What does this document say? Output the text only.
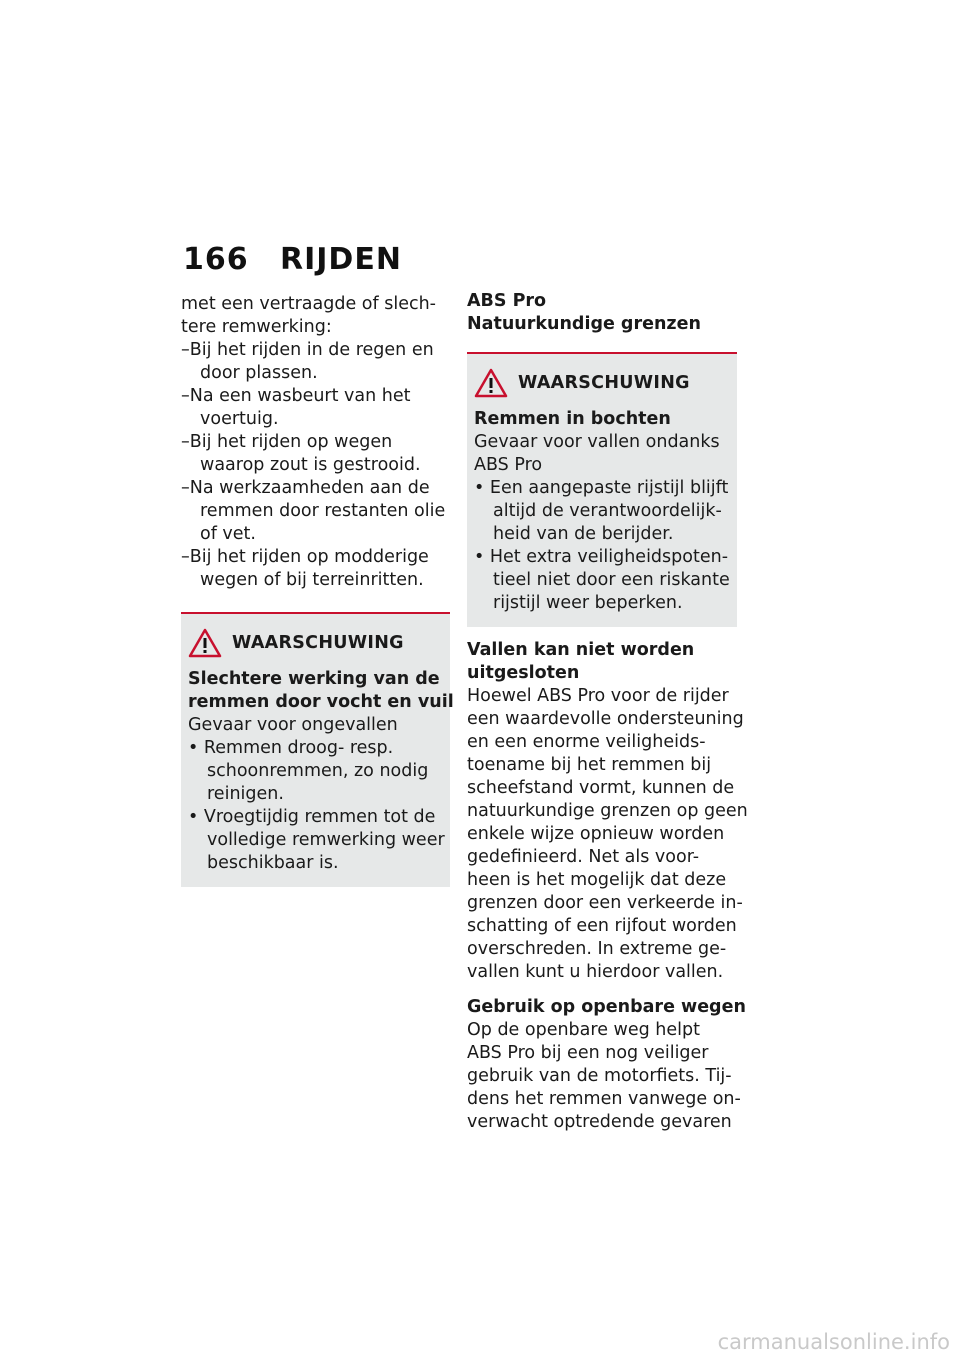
166 RIJDEN
met een vertraagde of slech-
tere remwerking:
–Bij het rijden in de regen en
door plassen.
–Na een wasbeurt van het
voertuig.
–Bij het rijden op wegen
waarop zout is gestrooid.
–Na werkzaamheden aan de
remmen door restanten olie
of vet.
–Bij het rijden op modderige
wegen of bij terreinritten.
WAARSCHUWING
Slechtere werking van de
remmen door vocht en vuil
Gevaar voor ongevallen
• Remmen droog- resp.
schoonremmen, zo nodig
reinigen.
• Vroegtijdig remmen tot de
volledige remwerking weer
beschikbaar is.
ABS Pro
Natuurkundige grenzen
WAARSCHUWING
Remmen in bochten
Gevaar voor vallen ondanks
ABS Pro
• Een aangepaste rijstijl blijft
altijd de verantwoordelijk-
heid van de berijder.
• Het extra veiligheidspoten-
tieel niet door een riskante
rijstijl weer beperken.
Vallen kan niet worden
uitgesloten
Hoewel ABS Pro voor de rijder
een waardevolle ondersteuning
en een enorme veiligheids-
toename bij het remmen bij
scheefstand vormt, kunnen de
natuurkundige grenzen op geen
enkele wijze opnieuw worden
gedefinieerd. Net als voor-
heen is het mogelijk dat deze
grenzen door een verkeerde in-
schatting of een rijfout worden
overschreden. In extreme ge-
vallen kunt u hierdoor vallen.
Gebruik op openbare wegen
Op de openbare weg helpt
ABS Pro bij een nog veiliger
gebruik van de motorfiets. Tij-
dens het remmen vanwege on-
verwacht optredende gevaren
carmanualsonline.info
